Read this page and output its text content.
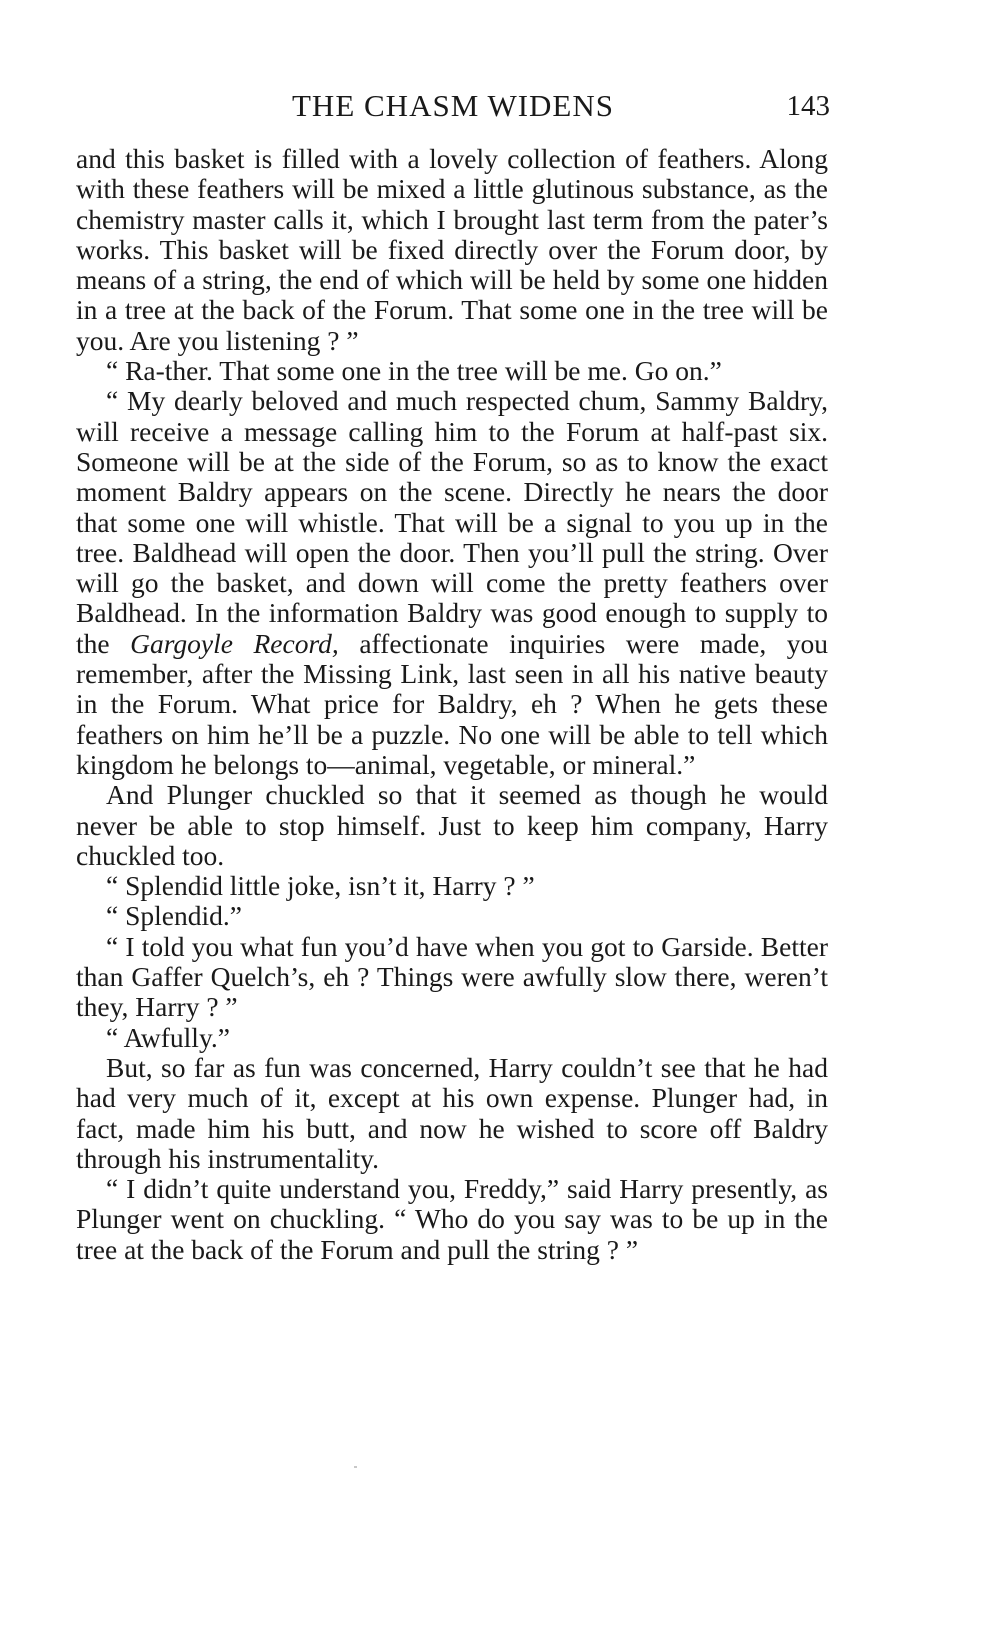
THE CHASM WIDENS	143

and this basket is filled with a lovely collection of feathers. Along with these feathers will be mixed a little glutinous substance, as the chemistry master calls it, which I brought last term from the pater’s works. This basket will be fixed directly over the Forum door, by means of a string, the end of which will be held by some one hidden in a tree at the back of the Forum. That some one in the tree will be you. Are you listening ? ”

“ Ra-ther. That some one in the tree will be me. Go on.”

“ My dearly beloved and much respected chum, Sammy Baldry, will receive a message calling him to the Forum at half-past six. Someone will be at the side of the Forum, so as to know the exact moment Baldry appears on the scene. Directly he nears the door that some one will whistle. That will be a signal to you up in the tree. Baldhead will open the door. Then you’ll pull the string. Over will go the basket, and down will come the pretty feathers over Baldhead. In the information Baldry was good enough to supply to the Gargoyle Record, affectionate inquiries were made, you remember, after the Missing Link, last seen in all his native beauty in the Forum. What price for Baldry, eh ? When he gets these feathers on him he’ll be a puzzle. No one will be able to tell which kingdom he belongs to—animal, vegetable, or mineral.”

And Plunger chuckled so that it seemed as though he would never be able to stop himself. Just to keep him company, Harry chuckled too.

“ Splendid little joke, isn’t it, Harry ? ”

“ Splendid.”

“ I told you what fun you’d have when you got to Garside. Better than Gaffer Quelch’s, eh ? Things were awfully slow there, weren’t they, Harry ? ”

“ Awfully.”

But, so far as fun was concerned, Harry couldn’t see that he had had very much of it, except at his own expense. Plunger had, in fact, made him his butt, and now he wished to score off Baldry through his instrumentality.

“ I didn’t quite understand you, Freddy,” said Harry presently, as Plunger went on chuckling. “ Who do you say was to be up in the tree at the back of the Forum and pull the string ? ”
